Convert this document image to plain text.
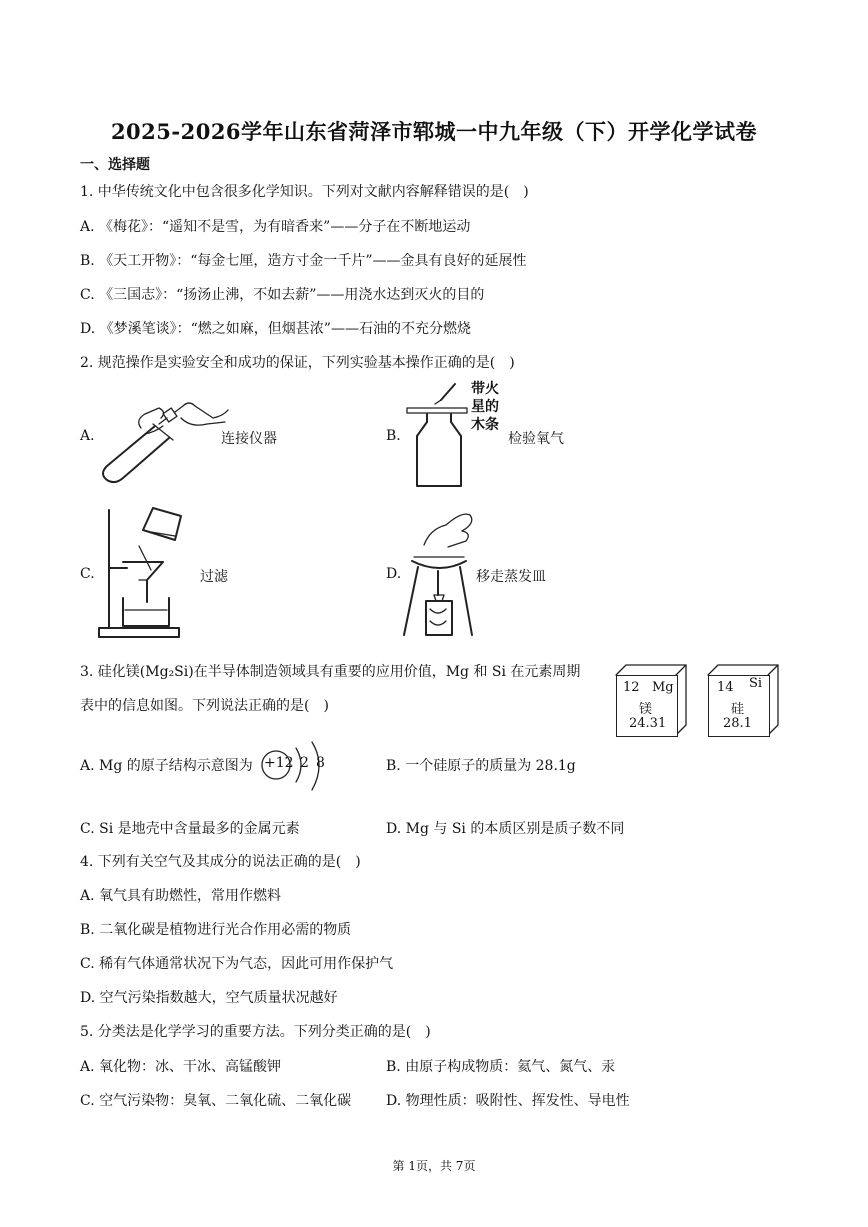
2025-2026学年山东省菏泽市郓城一中九年级（下）开学化学试卷
一、选择题
1. 中华传统文化中包含很多化学知识。下列对文献内容解释错误的是(　)
A. 《梅花》：“遥知不是雪，为有暗香来”——分子在不断地运动
B. 《天工开物》：“每金七厘，造方寸金一千片”——金具有良好的延展性
C. 《三国志》：“扬汤止沸，不如去薪”——用浇水达到灭火的目的
D. 《梦溪笔谈》：“燃之如麻，但烟甚浓”——石油的不充分燃烧
2. 规范操作是实验安全和成功的保证，下列实验基本操作正确的是(　)
A.	连接仪器	B.
带火
星的
木条
检验氧气
C.	过滤	D.	移走蒸发皿
3. 硅化镁(Mg₂Si)在半导体制造领域具有重要的应用价值，Mg 和 Si 在元素周期
表中的信息如图。下列说法正确的是(　)
12 Mg
镁
24.31
14 Si
硅
28.1
A. Mg 的原子结构示意图为 +12 2 8	B. 一个硅原子的质量为 28.1g
C. Si 是地壳中含量最多的金属元素	D. Mg 与 Si 的本质区别是质子数不同
4. 下列有关空气及其成分的说法正确的是(　)
A. 氧气具有助燃性，常用作燃料
B. 二氧化碳是植物进行光合作用必需的物质
C. 稀有气体通常状况下为气态，因此可用作保护气
D. 空气污染指数越大，空气质量状况越好
5. 分类法是化学学习的重要方法。下列分类正确的是(　)
A. 氧化物：冰、干冰、高锰酸钾	B. 由原子构成物质：氦气、氮气、汞
C. 空气污染物：臭氧、二氧化硫、二氧化碳 D. 物理性质：吸附性、挥发性、导电性
第 1页，共 7页
